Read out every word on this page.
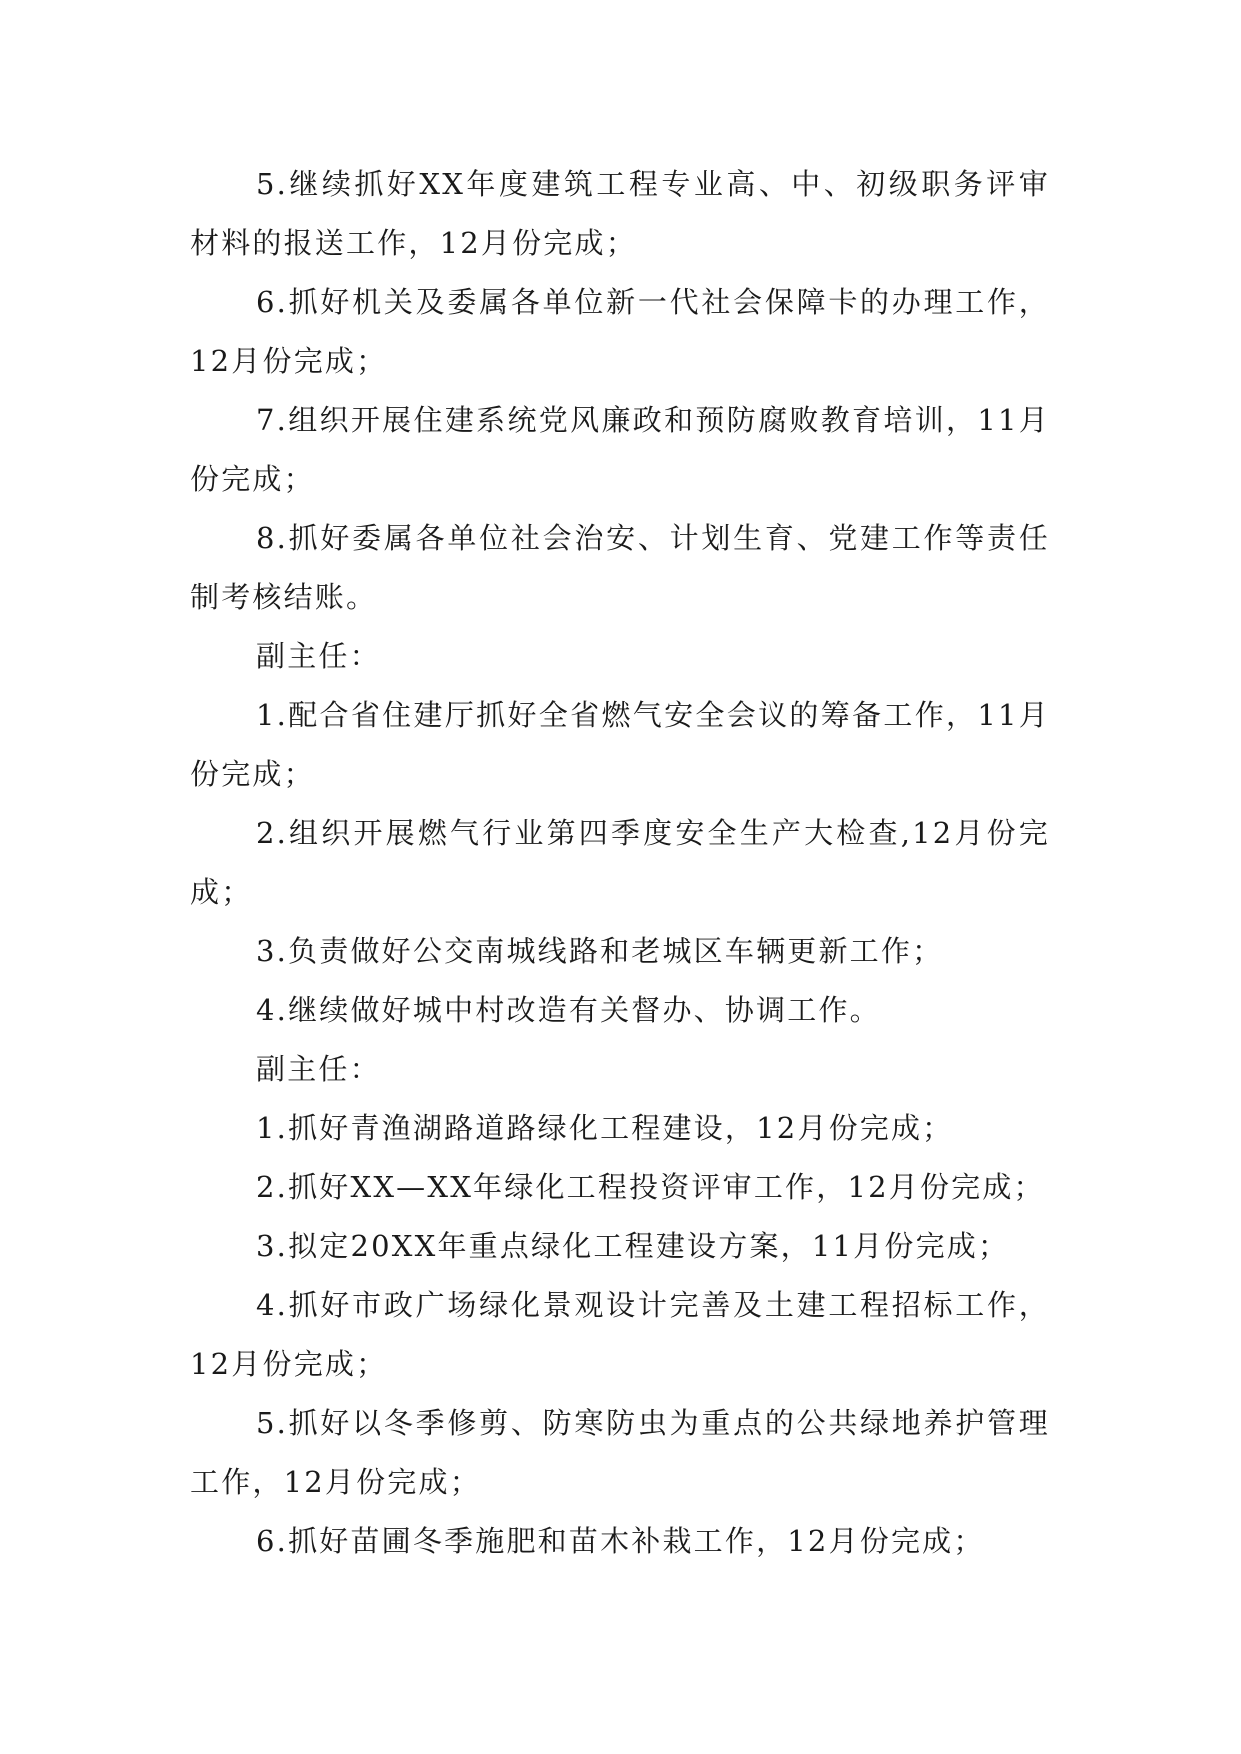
5.继续抓好XX年度建筑工程专业高、中、初级职务评审材料的报送工作，12月份完成；

6.抓好机关及委属各单位新一代社会保障卡的办理工作，12月份完成；

7.组织开展住建系统党风廉政和预防腐败教育培训，11月份完成；

8.抓好委属各单位社会治安、计划生育、党建工作等责任制考核结账。

副主任：

1.配合省住建厅抓好全省燃气安全会议的筹备工作，11月份完成；

2.组织开展燃气行业第四季度安全生产大检查,12月份完成；

3.负责做好公交南城线路和老城区车辆更新工作；

4.继续做好城中村改造有关督办、协调工作。

副主任：

1.抓好青渔湖路道路绿化工程建设，12月份完成；

2.抓好XX—XX年绿化工程投资评审工作，12月份完成；

3.拟定20XX年重点绿化工程建设方案，11月份完成；

4.抓好市政广场绿化景观设计完善及土建工程招标工作，12月份完成；

5.抓好以冬季修剪、防寒防虫为重点的公共绿地养护管理工作，12月份完成；

6.抓好苗圃冬季施肥和苗木补栽工作，12月份完成；
